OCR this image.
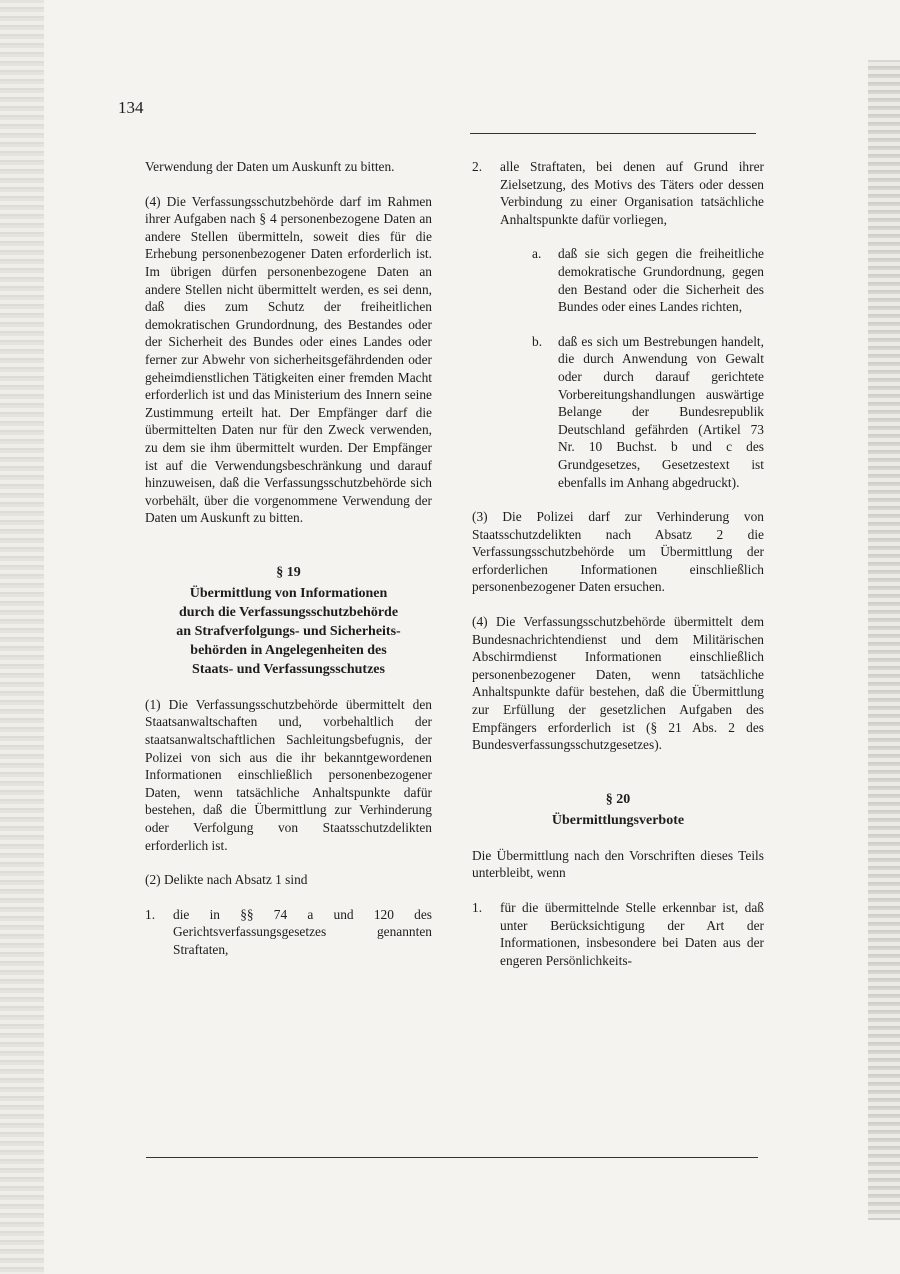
134

Verwendung der Daten um Auskunft zu bitten.

(4) Die Verfassungsschutzbehörde darf im Rahmen ihrer Aufgaben nach § 4 personenbezogene Daten an andere Stellen übermitteln, soweit dies für die Erhebung personenbezogener Daten erforderlich ist. Im übrigen dürfen personenbezogene Daten an andere Stellen nicht übermittelt werden, es sei denn, daß dies zum Schutz der freiheitlichen demokratischen Grundordnung, des Bestandes oder der Sicherheit des Bundes oder eines Landes oder ferner zur Abwehr von sicherheitsgefährdenden oder geheimdienstlichen Tätigkeiten einer fremden Macht erforderlich ist und das Ministerium des Innern seine Zustimmung erteilt hat. Der Empfänger darf die übermittelten Daten nur für den Zweck verwenden, zu dem sie ihm übermittelt wurden. Der Empfänger ist auf die Verwendungsbeschränkung und darauf hinzuweisen, daß die Verfassungsschutzbehörde sich vorbehält, über die vorgenommene Verwendung der Daten um Auskunft zu bitten.

§ 19
Übermittlung von Informationen
durch die Verfassungsschutzbehörde
an Strafverfolgungs- und Sicherheits-
behörden in Angelegenheiten des
Staats- und Verfassungsschutzes

(1) Die Verfassungsschutzbehörde übermittelt den Staatsanwaltschaften und, vorbehaltlich der staatsanwaltschaftlichen Sachleitungsbefugnis, der Polizei von sich aus die ihr bekanntgewordenen Informationen einschließlich personenbezogener Daten, wenn tatsächliche Anhaltspunkte dafür bestehen, daß die Übermittlung zur Verhinderung oder Verfolgung von Staatsschutzdelikten erforderlich ist.

(2) Delikte nach Absatz 1 sind

1. die in §§ 74 a und 120 des Gerichtsverfassungsgesetzes genannten Straftaten,
2. alle Straftaten, bei denen auf Grund ihrer Zielsetzung, des Motivs des Täters oder dessen Verbindung zu einer Organisation tatsächliche Anhaltspunkte dafür vorliegen,
a. daß sie sich gegen die freiheitliche demokratische Grundordnung, gegen den Bestand oder die Sicherheit des Bundes oder eines Landes richten,
b. daß es sich um Bestrebungen handelt, die durch Anwendung von Gewalt oder durch darauf gerichtete Vorbereitungshandlungen auswärtige Belange der Bundesrepublik Deutschland gefährden (Artikel 73 Nr. 10 Buchst. b und c des Grundgesetzes, Gesetzestext ist ebenfalls im Anhang abgedruckt).

(3) Die Polizei darf zur Verhinderung von Staatsschutzdelikten nach Absatz 2 die Verfassungsschutzbehörde um Übermittlung der erforderlichen Informationen einschließlich personenbezogener Daten ersuchen.

(4) Die Verfassungsschutzbehörde übermittelt dem Bundesnachrichtendienst und dem Militärischen Abschirmdienst Informationen einschließlich personenbezogener Daten, wenn tatsächliche Anhaltspunkte dafür bestehen, daß die Übermittlung zur Erfüllung der gesetzlichen Aufgaben des Empfängers erforderlich ist (§ 21 Abs. 2 des Bundesverfassungsschutzgesetzes).

§ 20
Übermittlungsverbote

Die Übermittlung nach den Vorschriften dieses Teils unterbleibt, wenn

1. für die übermittelnde Stelle erkennbar ist, daß unter Berücksichtigung der Art der Informationen, insbesondere bei Daten aus der engeren Persönlichkeits-
